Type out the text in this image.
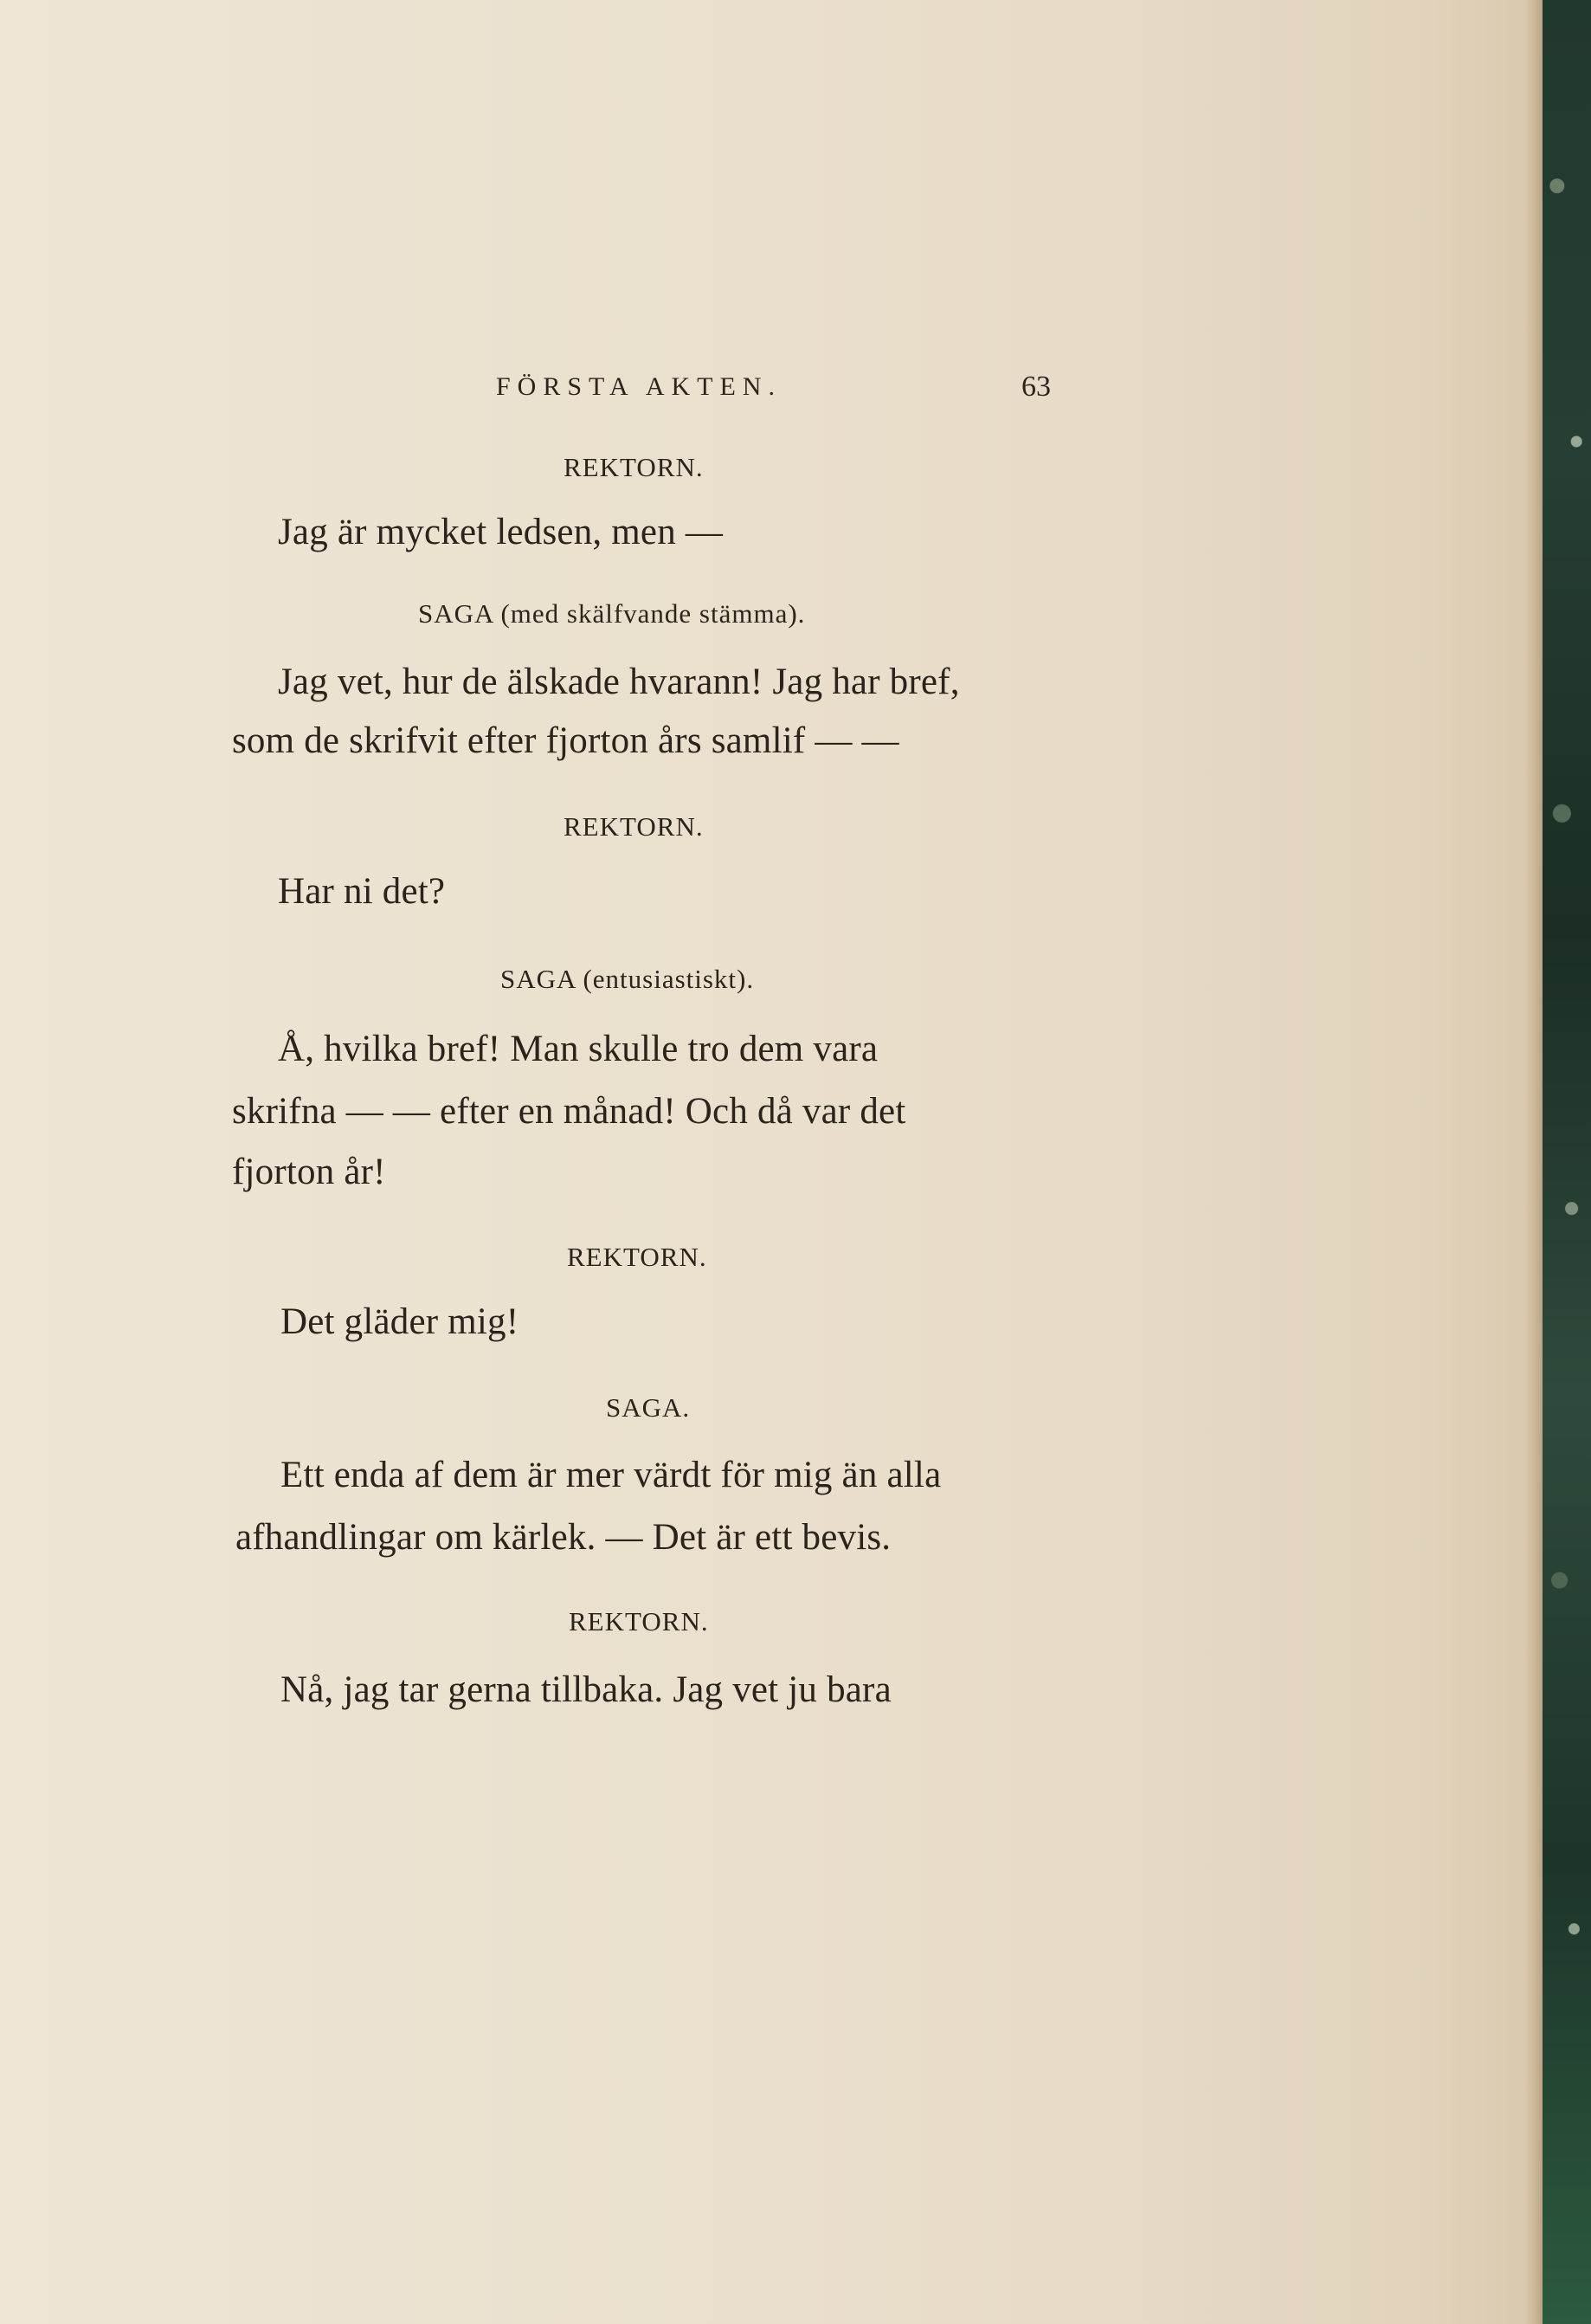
FÖRSTA AKTEN.	63
REKTORN.
Jag är mycket ledsen, men —
SAGA (med skälfvande stämma).
Jag vet, hur de älskade hvarann! Jag har bref,
som de skrifvit efter fjorton års samlif — —
REKTORN.
Har ni det?
SAGA (entusiastiskt).
Å, hvilka bref! Man skulle tro dem vara
skrifna — — efter en månad! Och då var det
fjorton år!
REKTORN.
Det gläder mig!
SAGA.
Ett enda af dem är mer värdt för mig än alla
afhandlingar om kärlek. — Det är ett bevis.
REKTORN.
Nå, jag tar gerna tillbaka. Jag vet ju bara
